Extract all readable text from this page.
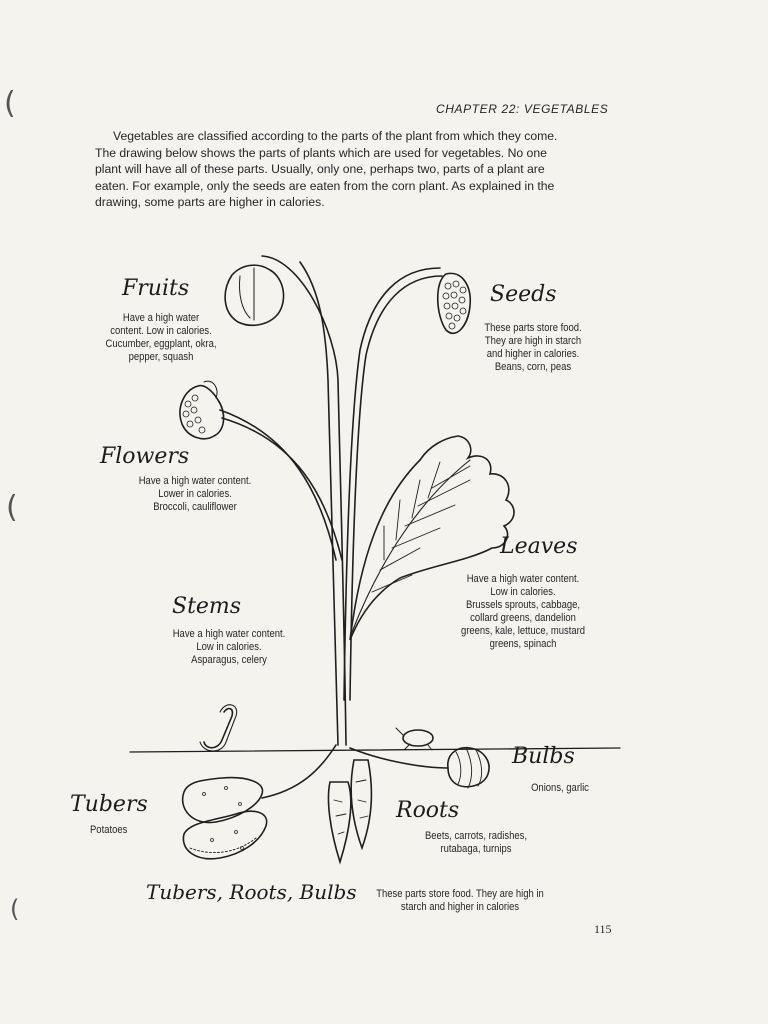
(
(
(
CHAPTER 22: VEGETABLES

Vegetables are classified according to the parts of the plant from which they come. The drawing below shows the parts of plants which are used for vegetables. No one plant will have all of these parts. Usually, only one, perhaps two, parts of a plant are eaten. For example, only the seeds are eaten from the corn plant. As explained in the drawing, some parts are higher in calories.

Fruits
Have a high water
content. Low in calories.
Cucumber, eggplant, okra,
pepper, squash
Seeds
These parts store food.
They are high in starch
and higher in calories.
Beans, corn, peas
Flowers
Have a high water content.
Lower in calories.
Broccoli, cauliflower
Leaves
Have a high water content.
Low in calories.
Brussels sprouts, cabbage,
collard greens, dandelion
greens, kale, lettuce, mustard
greens, spinach
Stems
Have a high water content.
Low in calories.
Asparagus, celery
Bulbs
Onions, garlic
Tubers
Potatoes
Roots
Beets, carrots, radishes,
rutabaga, turnips
Tubers, Roots, Bulbs	These parts store food. They are high in
starch and higher in calories
115
